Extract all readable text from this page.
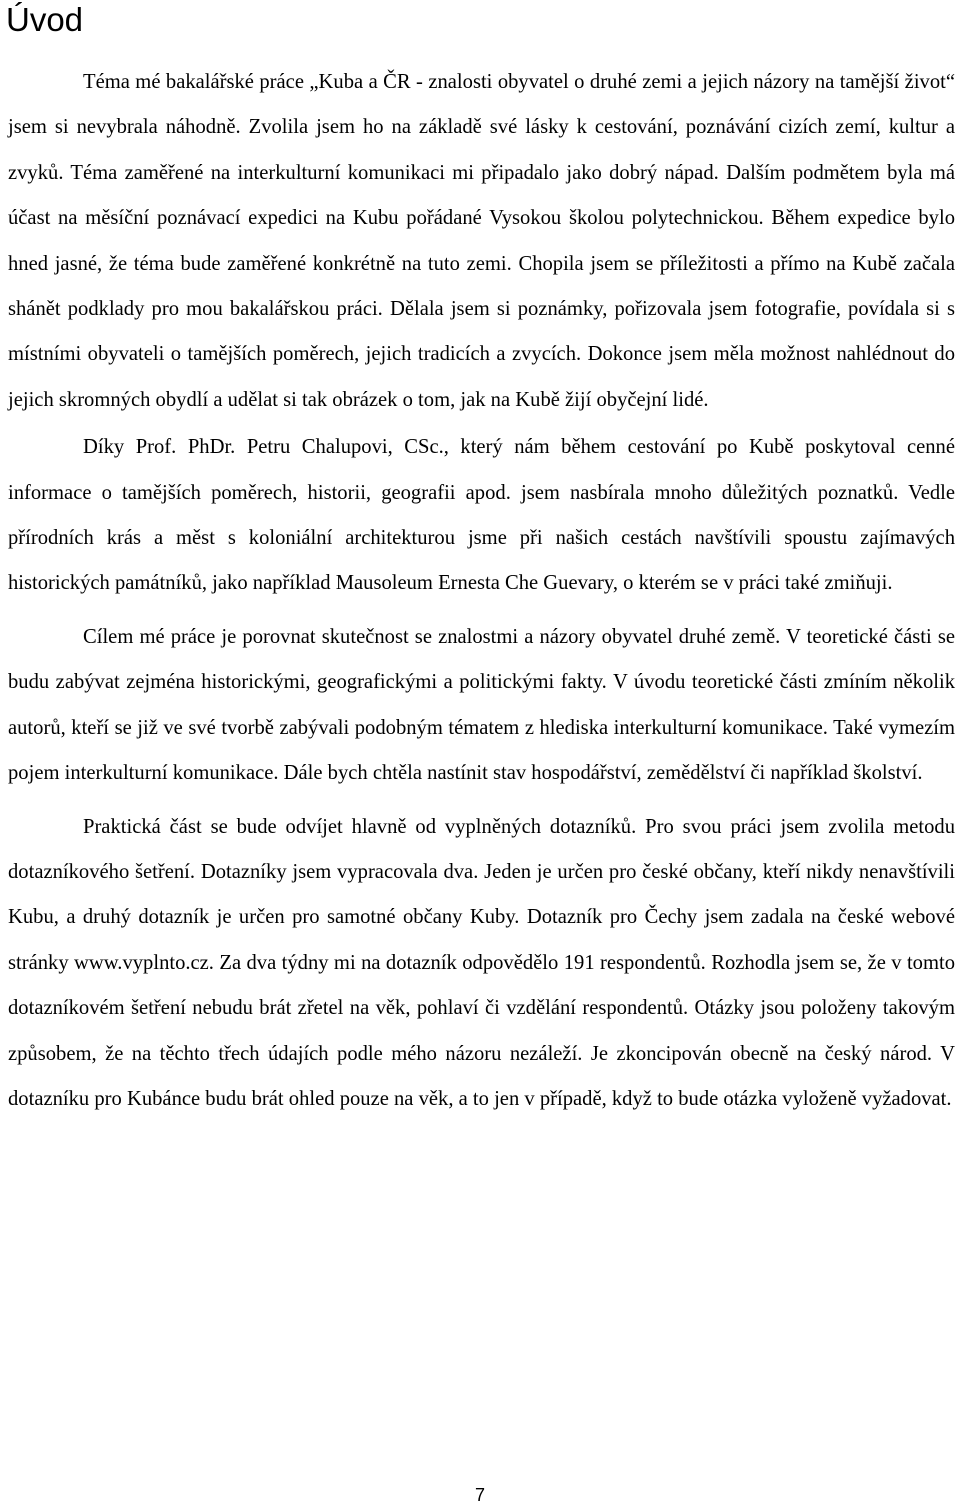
Úvod

Téma mé bakalářské práce „Kuba a ČR - znalosti obyvatel o druhé zemi a jejich názory na tamější život“ jsem si nevybrala náhodně. Zvolila jsem ho na základě své lásky k cestování, poznávání cizích zemí, kultur a zvyků. Téma zaměřené na interkulturní komunikaci mi připadalo jako dobrý nápad. Dalším podmětem byla má účast na měsíční poznávací expedici na Kubu pořádané Vysokou školou polytechnickou. Během expedice bylo hned jasné, že téma bude zaměřené konkrétně na tuto zemi. Chopila jsem se příležitosti a přímo na Kubě začala shánět podklady pro mou bakalářskou práci. Dělala jsem si poznámky, pořizovala jsem fotografie, povídala si s místními obyvateli o tamějších poměrech, jejich tradicích a zvycích. Dokonce jsem měla možnost nahlédnout do jejich skromných obydlí a udělat si tak obrázek o tom, jak na Kubě žijí obyčejní lidé.

Díky Prof. PhDr. Petru Chalupovi, CSc., který nám během cestování po Kubě poskytoval cenné informace o tamějších poměrech, historii, geografii apod. jsem nasbírala mnoho důležitých poznatků. Vedle přírodních krás a měst s koloniální architekturou jsme při našich cestách navštívili spoustu zajímavých historických památníků, jako například Mausoleum Ernesta Che Guevary, o kterém se v práci také zmiňuji.

Cílem mé práce je porovnat skutečnost se znalostmi a názory obyvatel druhé země. V teoretické části se budu zabývat zejména historickými, geografickými a politickými fakty. V úvodu teoretické části zmíním několik autorů, kteří se již ve své tvorbě zabývali podobným tématem z hlediska interkulturní komunikace. Také vymezím pojem interkulturní komunikace. Dále bych chtěla nastínit stav hospodářství, zemědělství či například školství.

Praktická část se bude odvíjet hlavně od vyplněných dotazníků. Pro svou práci jsem zvolila metodu dotazníkového šetření. Dotazníky jsem vypracovala dva. Jeden je určen pro české občany, kteří nikdy nenavštívili Kubu, a druhý dotazník je určen pro samotné občany Kuby. Dotazník pro Čechy jsem zadala na české webové stránky www.vyplnto.cz. Za dva týdny mi na dotazník odpovědělo 191 respondentů. Rozhodla jsem se, že v tomto dotazníkovém šetření nebudu brát zřetel na věk, pohlaví či vzdělání respondentů. Otázky jsou položeny takovým způsobem, že na těchto třech údajích podle mého názoru nezáleží. Je zkoncipován obecně na český národ. V dotazníku pro Kubánce budu brát ohled pouze na věk, a to jen v případě, když to bude otázka vyloženě vyžadovat.

7
